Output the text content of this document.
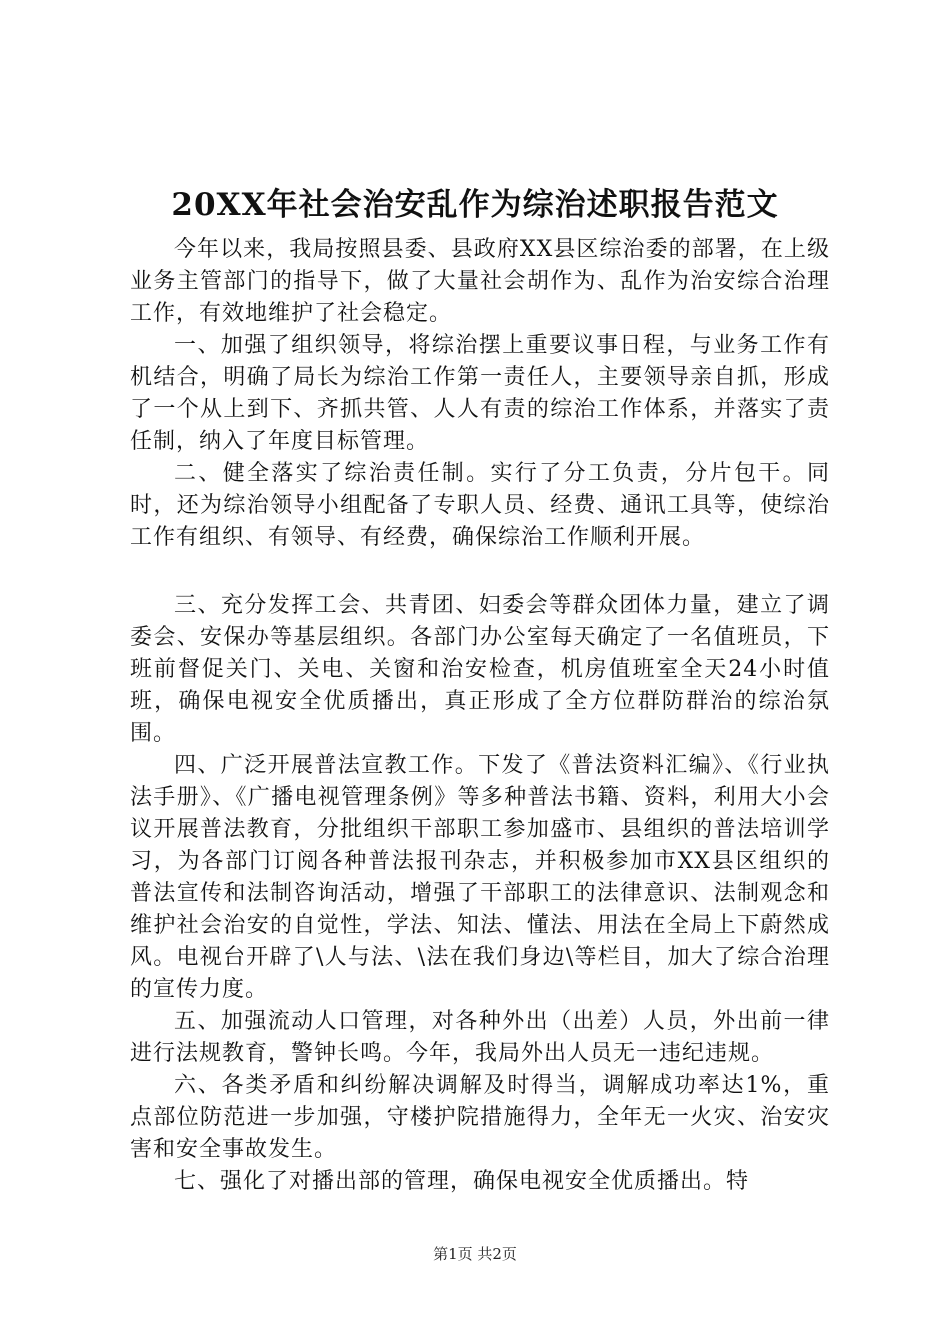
20XX年社会治安乱作为综治述职报告范文

今年以来，我局按照县委、县政府XX县区综治委的部署，在上级业务主管部门的指导下，做了大量社会胡作为、乱作为治安综合治理工作，有效地维护了社会稳定。

一、加强了组织领导，将综治摆上重要议事日程，与业务工作有机结合，明确了局长为综治工作第一责任人，主要领导亲自抓，形成了一个从上到下、齐抓共管、人人有责的综治工作体系，并落实了责任制，纳入了年度目标管理。

二、健全落实了综治责任制。实行了分工负责，分片包干。同时，还为综治领导小组配备了专职人员、经费、通讯工具等，使综治工作有组织、有领导、有经费，确保综治工作顺利开展。

三、充分发挥工会、共青团、妇委会等群众团体力量，建立了调委会、安保办等基层组织。各部门办公室每天确定了一名值班员，下班前督促关门、关电、关窗和治安检查，机房值班室全天24小时值班，确保电视安全优质播出，真正形成了全方位群防群治的综治氛围。

四、广泛开展普法宣教工作。下发了《普法资料汇编》、《行业执法手册》、《广播电视管理条例》等多种普法书籍、资料，利用大小会议开展普法教育，分批组织干部职工参加盛市、县组织的普法培训学习，为各部门订阅各种普法报刊杂志，并积极参加市XX县区组织的普法宣传和法制咨询活动，增强了干部职工的法律意识、法制观念和维护社会治安的自觉性，学法、知法、懂法、用法在全局上下蔚然成风。电视台开辟了\人与法、\法在我们身边\等栏目，加大了综合治理的宣传力度。

五、加强流动人口管理，对各种外出（出差）人员，外出前一律进行法规教育，警钟长鸣。今年，我局外出人员无一违纪违规。

六、各类矛盾和纠纷解决调解及时得当，调解成功率达1%，重点部位防范进一步加强，守楼护院措施得力，全年无一火灾、治安灾害和安全事故发生。

七、强化了对播出部的管理，确保电视安全优质播出。特

第1页 共2页
